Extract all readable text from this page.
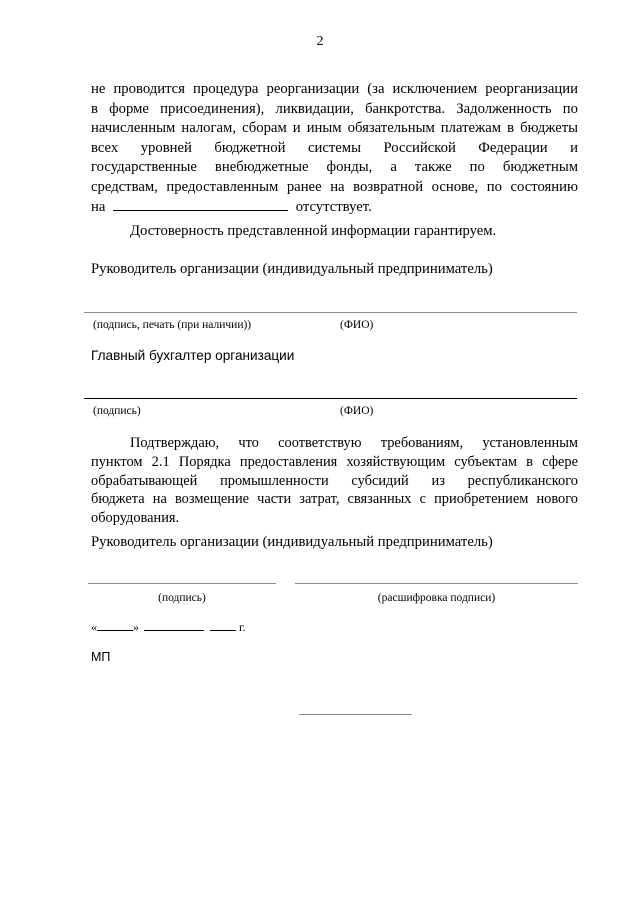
2
не проводится процедура реорганизации (за исключением реорганизации
в форме присоединения), ликвидации, банкротства. Задолженность по
начисленным налогам, сборам и иным обязательным платежам в бюджеты
всех уровней бюджетной системы Российской Федерации и
государственные внебюджетные фонды, а также по бюджетным
средствам, предоставленным ранее на возвратной основе, по состоянию
на	отсутствует.
Достоверность представленной информации гарантируем.
Руководитель организации (индивидуальный предприниматель)
(подпись, печать (при наличии))	(ФИО)
Главный бухгалтер организации
(подпись)	(ФИО)
Подтверждаю, что соответствую требованиям, установленным
пунктом 2.1 Порядка предоставления хозяйствующим субъектам в сфере
обрабатывающей промышленности субсидий из республиканского
бюджета на возмещение части затрат, связанных с приобретением нового
оборудования.
Руководитель организации (индивидуальный предприниматель)
(подпись)	(расшифровка подписи)
«	»	г.
МП
